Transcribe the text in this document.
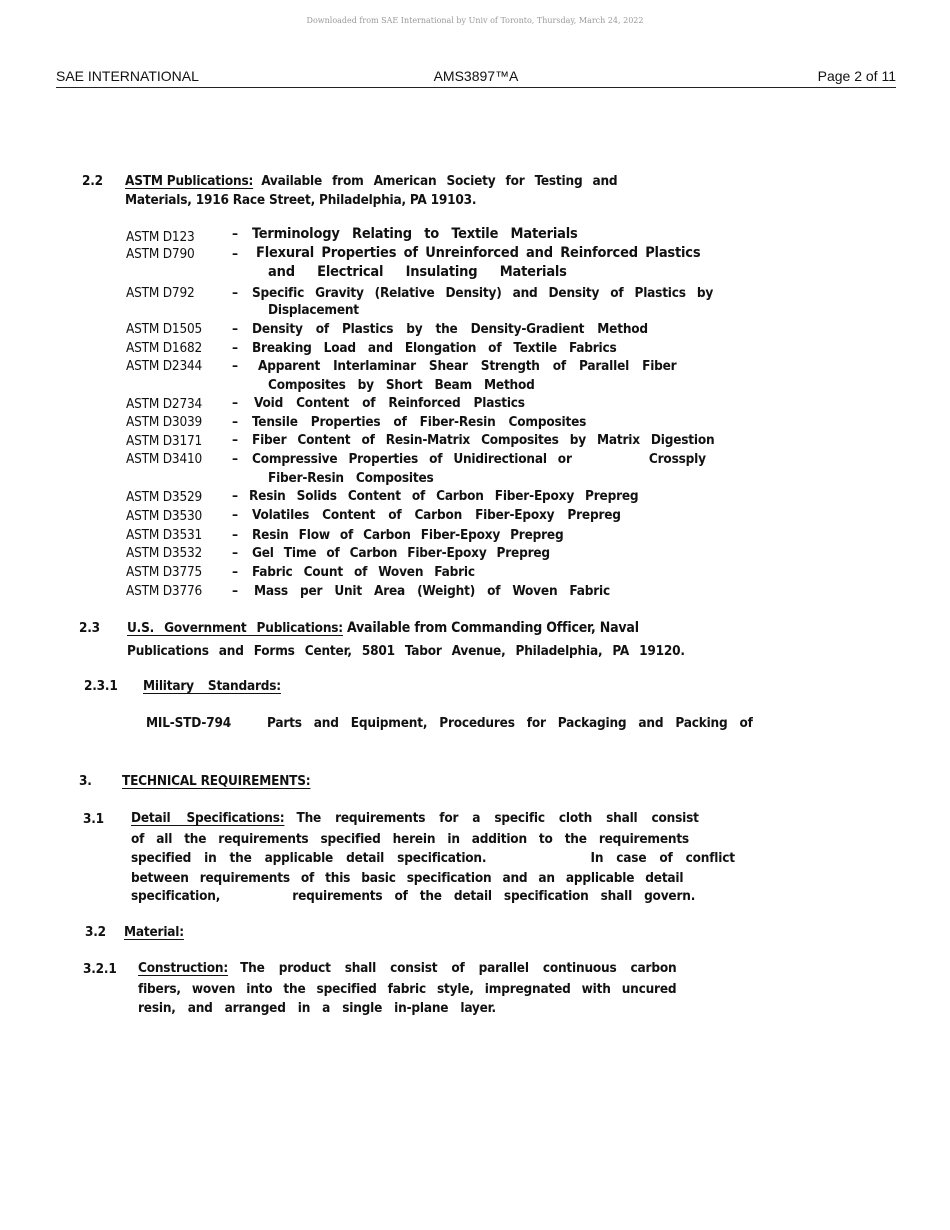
Downloaded from SAE International by Univ of Toronto, Thursday, March 24, 2022
SAE INTERNATIONAL	AMS3897™A	Page 2 of 11
2.2 ASTM Publications: Available from American Society for Testing and
Materials, 1916 Race Street, Philadelphia, PA 19103.
ASTM D123	– Terminology Relating to Textile Materials
ASTM D790	– Flexural Properties of Unreinforced and Reinforced Plastics
and Electrical Insulating Materials
ASTM D792	– Specific Gravity (Relative Density) and Density of Plastics by
Displacement
ASTM D1505 – Density of Plastics by the Density-Gradient Method
ASTM D1682 – Breaking Load and Elongation of Textile Fabrics
ASTM D2344 – Apparent Interlaminar Shear Strength of Parallel Fiber
Composites by Short Beam Method
ASTM D2734 – Void Content of Reinforced Plastics
ASTM D3039 – Tensile Properties of Fiber-Resin Composites
ASTM D3171 – Fiber Content of Resin-Matrix Composites by Matrix Digestion
ASTM D3410 – Compressive Properties of Unidirectional or       Crossply
Fiber-Resin   Composites
ASTM D3529 – Resin Solids Content of Carbon Fiber-Epoxy Prepreg
ASTM D3530 – Volatiles Content of Carbon Fiber-Epoxy Prepreg
ASTM D3531 – Resin Flow of Carbon Fiber-Epoxy Prepreg
ASTM D3532 – Gel Time of Carbon Fiber-Epoxy Prepreg
ASTM D3775 – Fabric Count of Woven Fabric
ASTM D3776 – Mass per Unit Area (Weight) of Woven Fabric
2.3 U.S. Government Publications: Available from Commanding Officer, Naval
Publications and Forms Center, 5801 Tabor Avenue, Philadelphia, PA 19120.
2.3.1 Military Standards:
MIL-STD-794   Parts and Equipment, Procedures for Packaging and Packing of
3. TECHNICAL REQUIREMENTS:
3.1 Detail Specifications: The requirements for a specific cloth shall consist
of all the requirements specified herein in addition to the requirements
specified in the applicable detail specification.        In case of conflict
between requirements of this basic specification and an applicable detail
specification,      requirements of the detail specification shall govern.
3.2 Material:
3.2.1 Construction: The product shall consist of parallel continuous carbon
fibers, woven into the specified fabric style, impregnated with uncured
resin, and arranged in a single in-plane layer.
